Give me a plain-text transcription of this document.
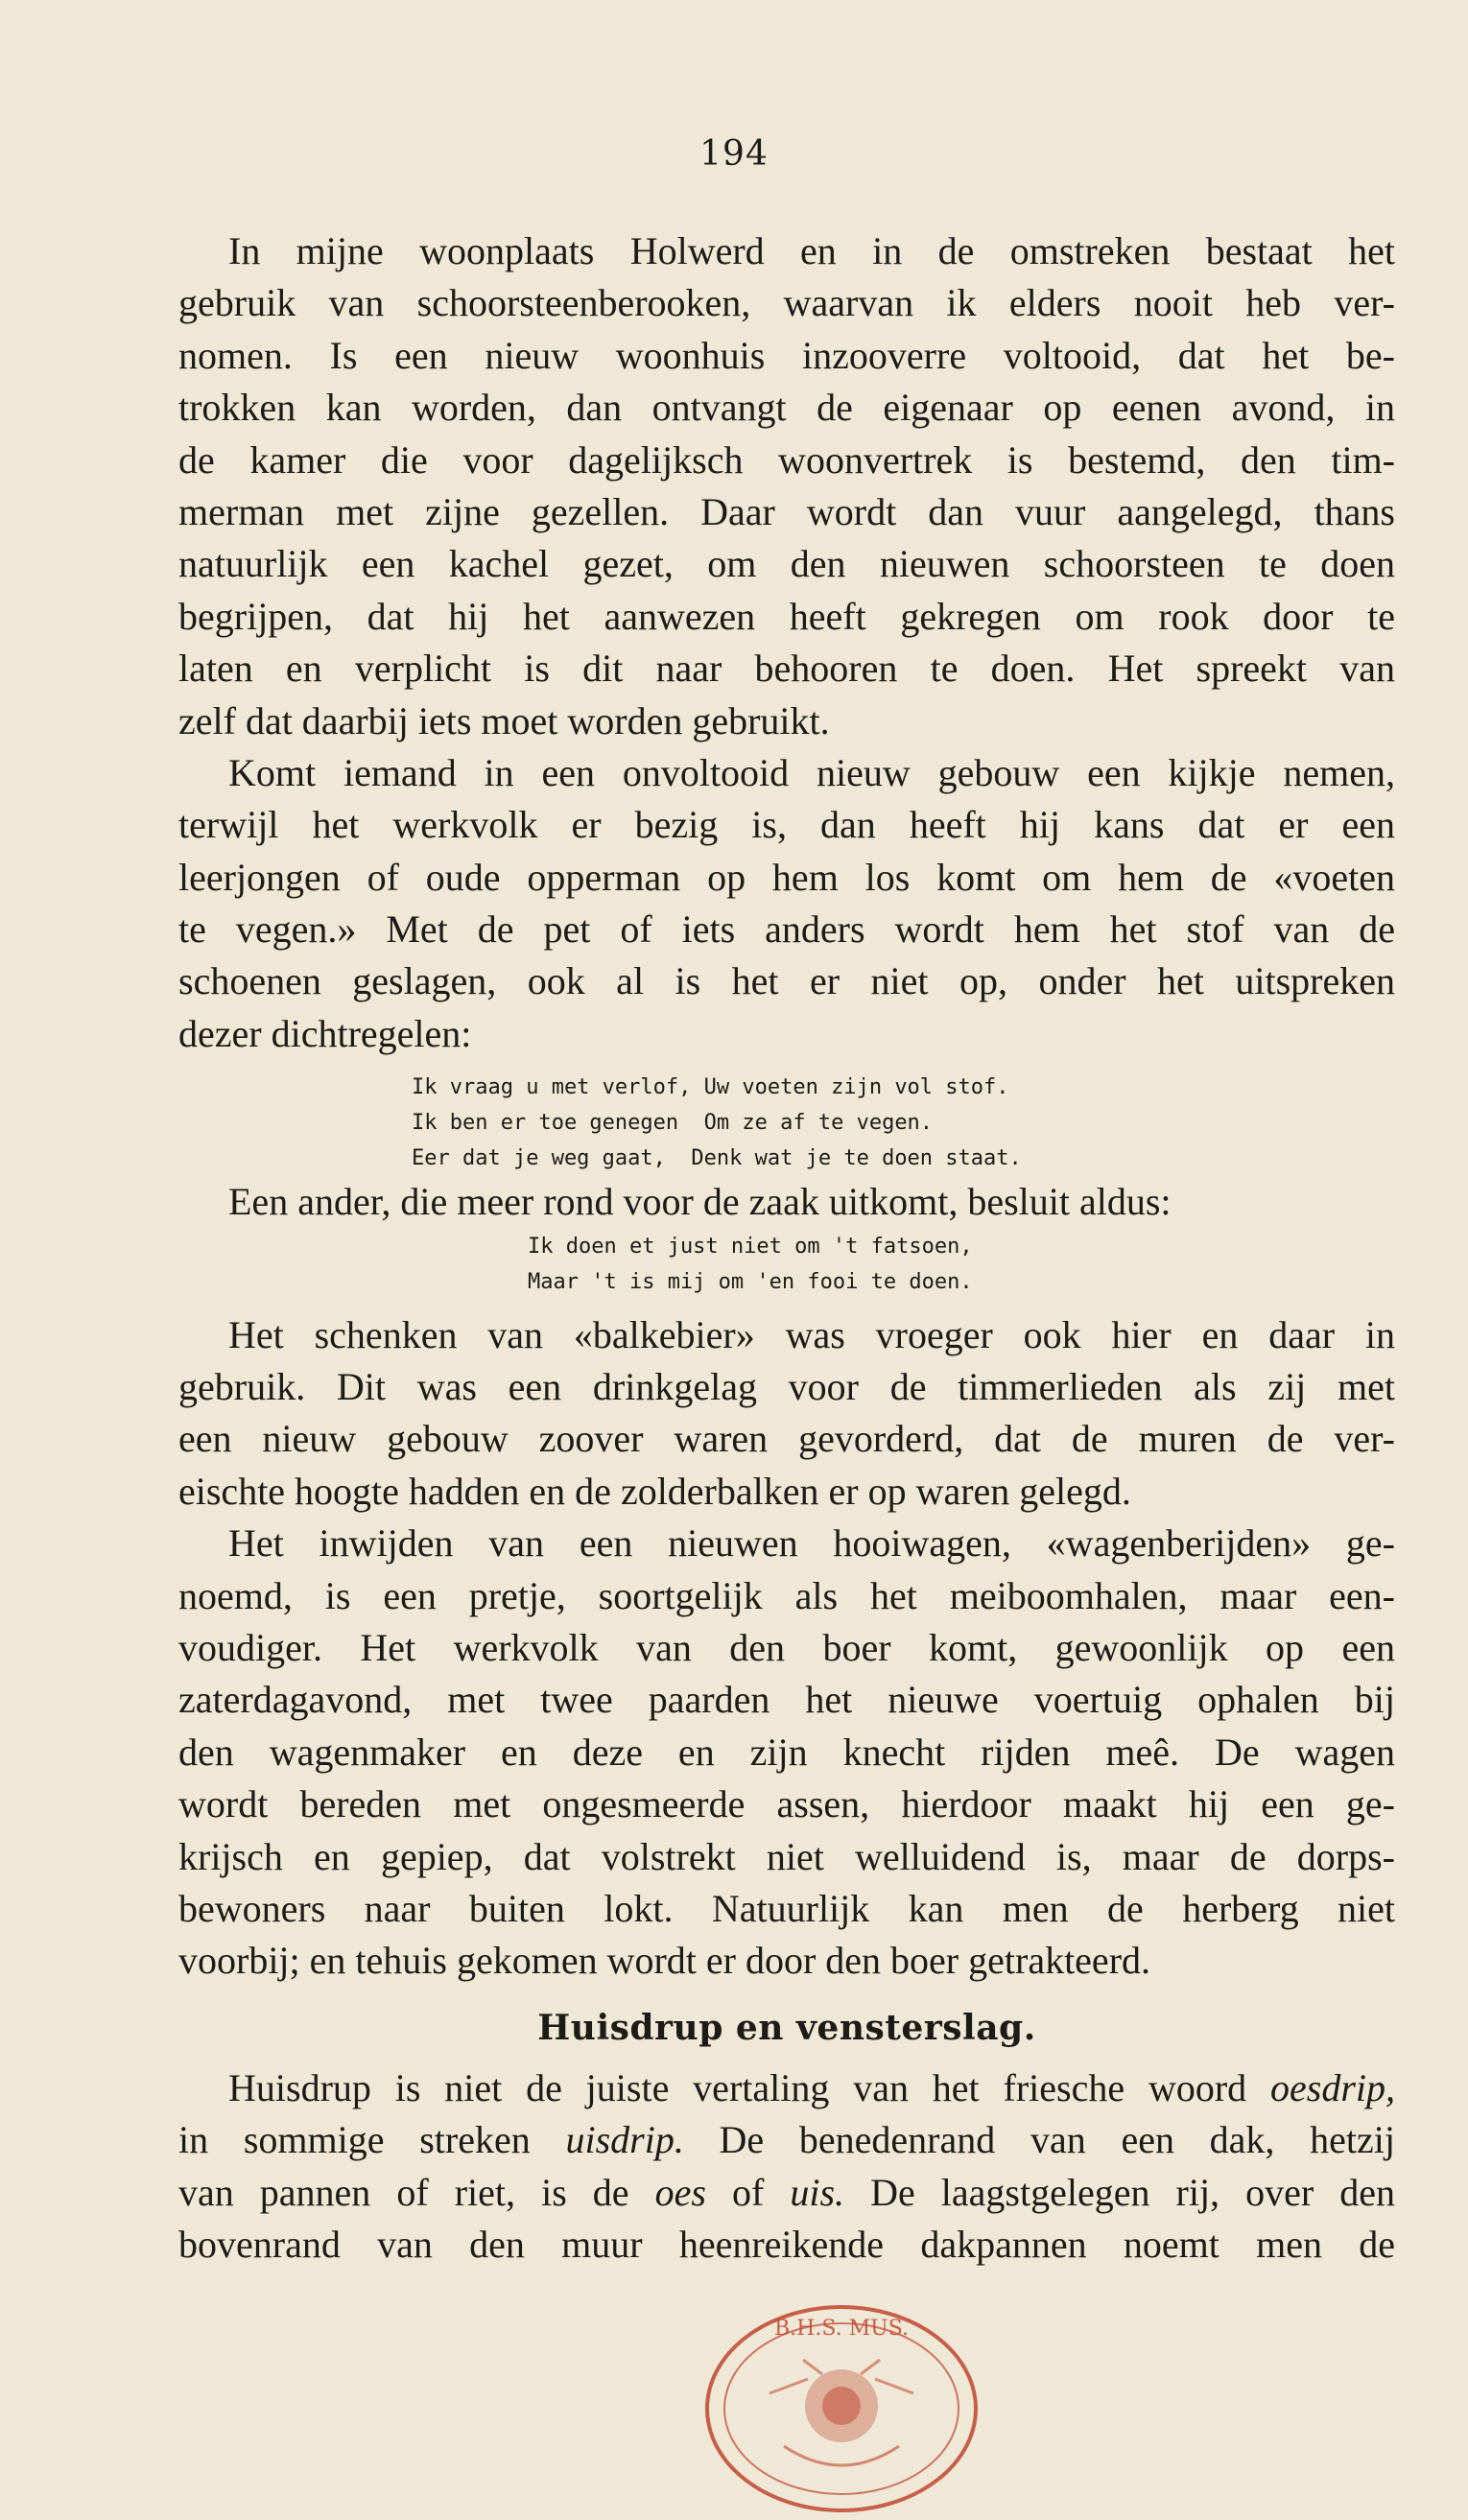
194
In mijne woonplaats Holwerd en in de omstreken bestaat het
gebruik van schoorsteenberooken, waarvan ik elders nooit heb ver-
nomen. Is een nieuw woonhuis inzooverre voltooid, dat het be-
trokken kan worden, dan ontvangt de eigenaar op eenen avond, in
de kamer die voor dagelijksch woonvertrek is bestemd, den tim-
merman met zijne gezellen. Daar wordt dan vuur aangelegd, thans
natuurlijk een kachel gezet, om den nieuwen schoorsteen te doen
begrijpen, dat hij het aanwezen heeft gekregen om rook door te
laten en verplicht is dit naar behooren te doen. Het spreekt van
zelf dat daarbij iets moet worden gebruikt.
Komt iemand in een onvoltooid nieuw gebouw een kijkje nemen,
terwijl het werkvolk er bezig is, dan heeft hij kans dat er een
leerjongen of oude opperman op hem los komt om hem de «voeten
te vegen.» Met de pet of iets anders wordt hem het stof van de
schoenen geslagen, ook al is het er niet op, onder het uitspreken
dezer dichtregelen:
Ik vraag u met verlof, Uw voeten zijn vol stof.
Ik ben er toe genegen  Om ze af te vegen.
Eer dat je weg gaat,  Denk wat je te doen staat.
Een ander, die meer rond voor de zaak uitkomt, besluit aldus:
Ik doen et just niet om 't fatsoen,
Maar 't is mij om 'en fooi te doen.
Het schenken van «balkebier» was vroeger ook hier en daar in
gebruik. Dit was een drinkgelag voor de timmerlieden als zij met
een nieuw gebouw zoover waren gevorderd, dat de muren de ver-
eischte hoogte hadden en de zolderbalken er op waren gelegd.
Het inwijden van een nieuwen hooiwagen, «wagenberijden» ge-
noemd, is een pretje, soortgelijk als het meiboomhalen, maar een-
voudiger. Het werkvolk van den boer komt, gewoonlijk op een
zaterdagavond, met twee paarden het nieuwe voertuig ophalen bij
den wagenmaker en deze en zijn knecht rijden meê. De wagen
wordt bereden met ongesmeerde assen, hierdoor maakt hij een ge-
krijsch en gepiep, dat volstrekt niet welluidend is, maar de dorps-
bewoners naar buiten lokt. Natuurlijk kan men de herberg niet
voorbij; en tehuis gekomen wordt er door den boer getrakteerd.
Huisdrup en vensterslag.
Huisdrup is niet de juiste vertaling van het friesche woord oesdrip,
in sommige streken uisdrip. De benedenrand van een dak, hetzij
van pannen of riet, is de oes of uis. De laagstgelegen rij, over den
bovenrand van den muur heenreikende dakpannen noemt men de
B.H.S. MUS.
